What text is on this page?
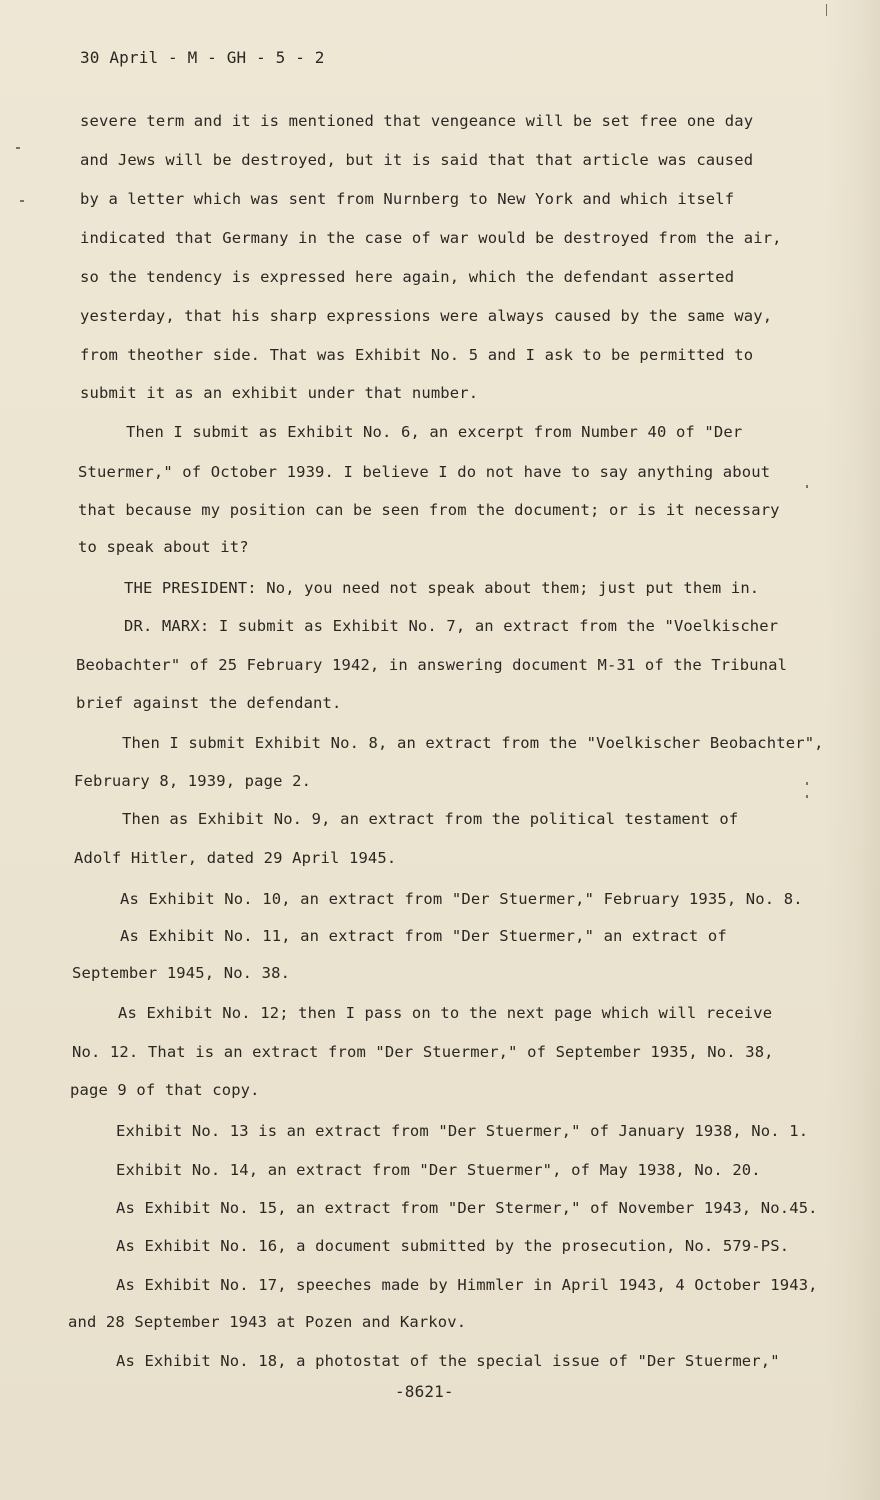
30 April - M - GH - 5 - 2
severe term and it is mentioned that vengeance will be set free one day
and Jews will be destroyed, but it is said that that article was caused
by a letter which was sent from Nurnberg to New York and which itself
indicated that Germany in the case of war would be destroyed from the air,
so the tendency is expressed here again, which the defendant asserted
yesterday, that his sharp expressions were always caused by the same way,
from theother side. That was Exhibit No. 5 and I ask to be permitted to
submit it as an exhibit under that number.
Then I submit as Exhibit No. 6, an excerpt from Number 40 of "Der
Stuermer," of October 1939. I believe I do not have to say anything about
that because my position can be seen from the document; or is it necessary
to speak about it?
THE PRESIDENT: No, you need not speak about them; just put them in.
DR. MARX: I submit as Exhibit No. 7, an extract from the "Voelkischer
Beobachter" of 25 February 1942, in answering document M-31 of the Tribunal
brief against the defendant.
Then I submit Exhibit No. 8, an extract from the "Voelkischer Beobachter",
February 8, 1939, page 2.
Then as Exhibit No. 9, an extract from the political testament of
Adolf Hitler, dated 29 April 1945.
As Exhibit No. 10, an extract from "Der Stuermer," February 1935, No. 8.
As Exhibit No. 11, an extract from "Der Stuermer," an extract of
September 1945, No. 38.
As Exhibit No. 12; then I pass on to the next page which will receive
No. 12. That is an extract from "Der Stuermer," of September 1935, No. 38,
page 9 of that copy.
Exhibit No. 13 is an extract from "Der Stuermer," of January 1938, No. 1.
Exhibit No. 14, an extract from "Der Stuermer", of May 1938, No. 20.
As Exhibit No. 15, an extract from "Der Stermer," of November 1943, No.45.
As Exhibit No. 16, a document submitted by the prosecution, No. 579-PS.
As Exhibit No. 17, speeches made by Himmler in April 1943, 4 October 1943,
and 28 September 1943 at Pozen and Karkov.
As Exhibit No. 18, a photostat of the special issue of "Der Stuermer,"
-8621-
